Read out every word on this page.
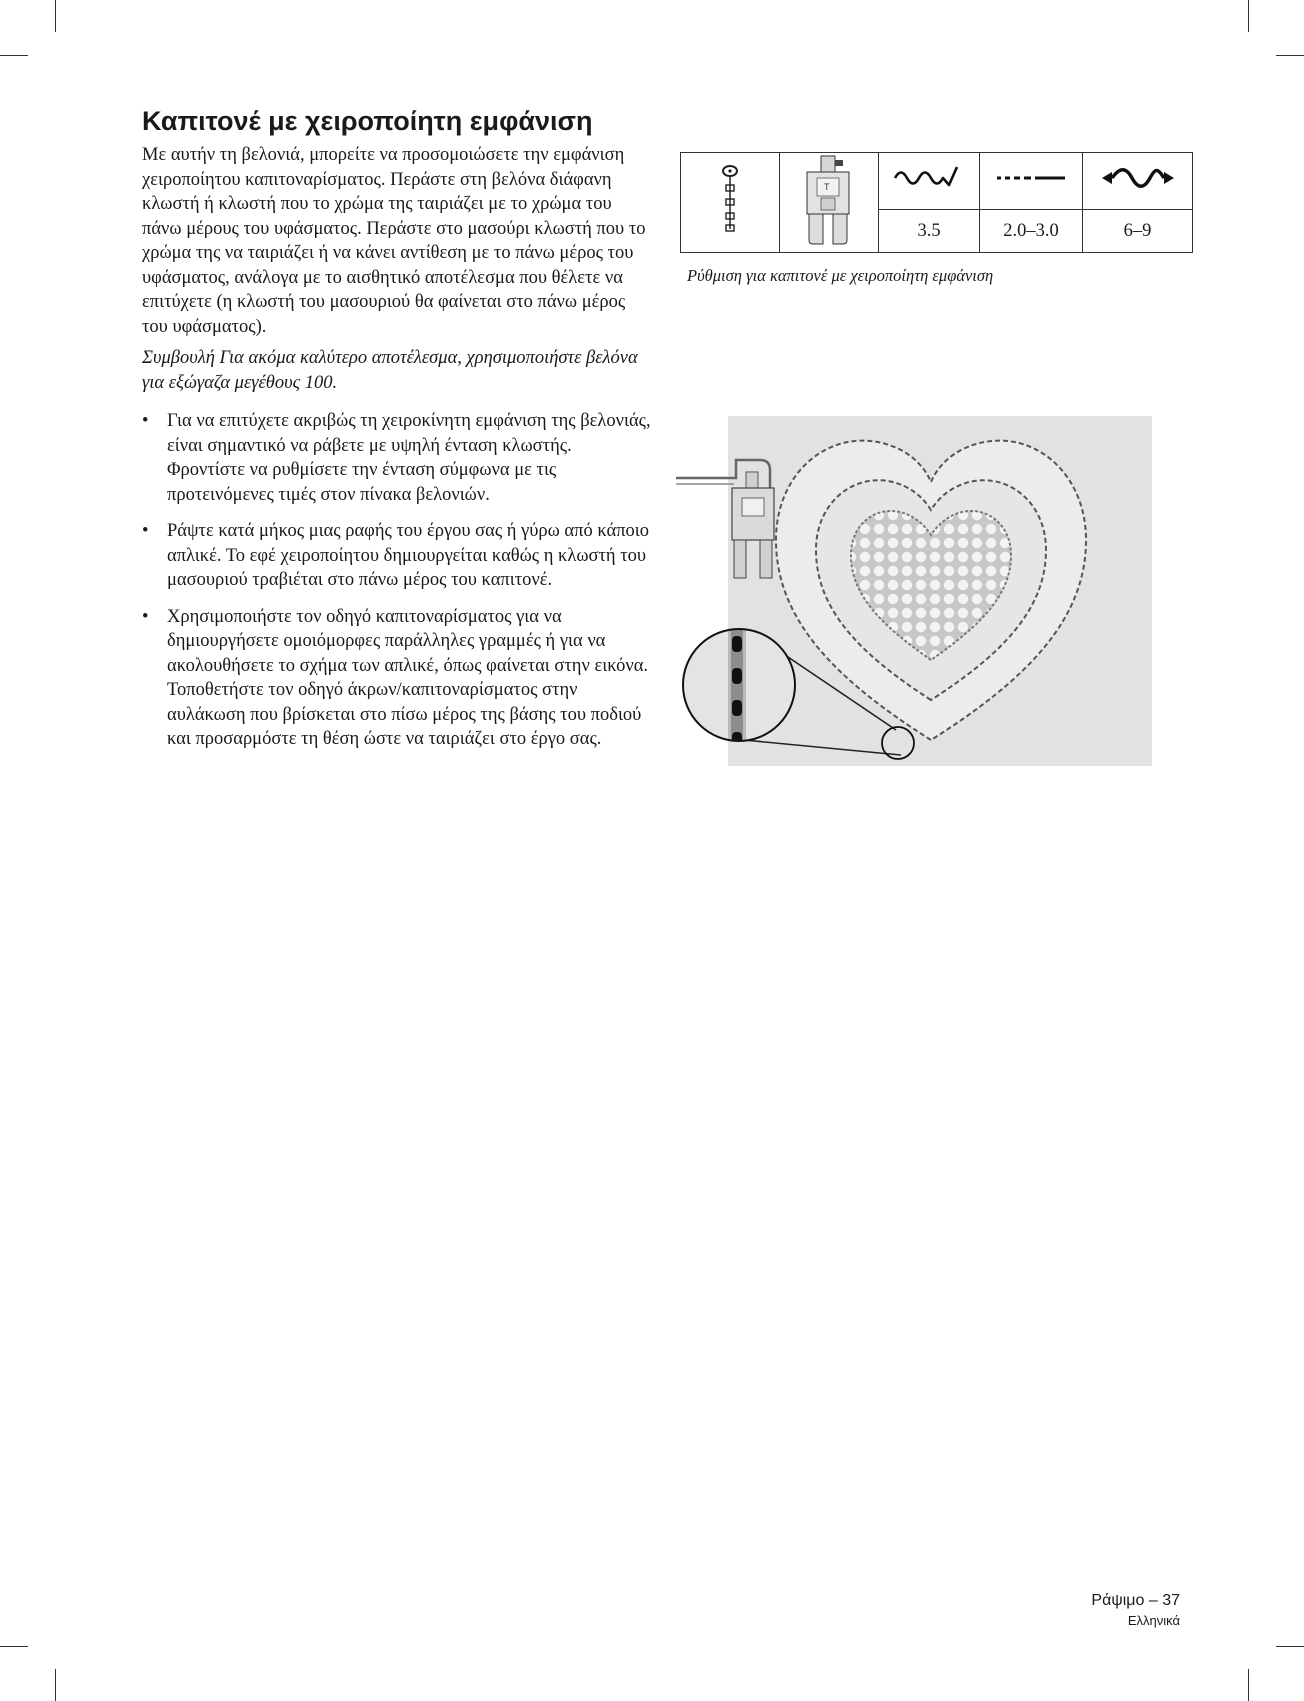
Καπιτονέ με χειροποίητη εμφάνιση

Με αυτήν τη βελονιά, μπορείτε να προσομοιώσετε την εμφάνιση χειροποίητου καπιτοναρίσματος. Περάστε στη βελόνα διάφανη κλωστή ή κλωστή που το χρώμα της ταιριάζει με το χρώμα του πάνω μέρους του υφάσματος. Περάστε στο μασούρι κλωστή που το χρώμα της να ταιριάζει ή να κάνει αντίθεση με το πάνω μέρος του υφάσματος, ανάλογα με το αισθητικό αποτέλεσμα που θέλετε να επιτύχετε (η κλωστή του μασουριού θα φαίνεται στο πάνω μέρος του υφάσματος).

Συμβουλή Για ακόμα καλύτερο αποτέλεσμα, χρησιμοποιήστε βελόνα για εξώγαζα μεγέθους 100.

• Για να επιτύχετε ακριβώς τη χειροκίνητη εμφάνιση της βελονιάς, είναι σημαντικό να ράβετε με υψηλή ένταση κλωστής. Φροντίστε να ρυθμίσετε την ένταση σύμφωνα με τις προτεινόμενες τιμές στον πίνακα βελονιών.
• Ράψτε κατά μήκος μιας ραφής του έργου σας ή γύρω από κάποιο απλικέ. Το εφέ χειροποίητου δημιουργείται καθώς η κλωστή του μασουριού τραβιέται στο πάνω μέρος του καπιτονέ.
• Χρησιμοποιήστε τον οδηγό καπιτοναρίσματος για να δημιουργήσετε ομοιόμορφες παράλληλες γραμμές ή για να ακολουθήσετε το σχήμα των απλικέ, όπως φαίνεται στην εικόνα. Τοποθετήστε τον οδηγό άκρων/καπιτοναρίσματος στην αυλάκωση που βρίσκεται στο πίσω μέρος της βάσης του ποδιού και προσαρμόστε τη θέση ώστε να ταιριάζει στο έργο σας.

T

		3.5	2.0–3.0	6–9

Ρύθμιση για καπιτονέ με χειροποίητη εμφάνιση

Ράψιμο – 37
Ελληνικά
